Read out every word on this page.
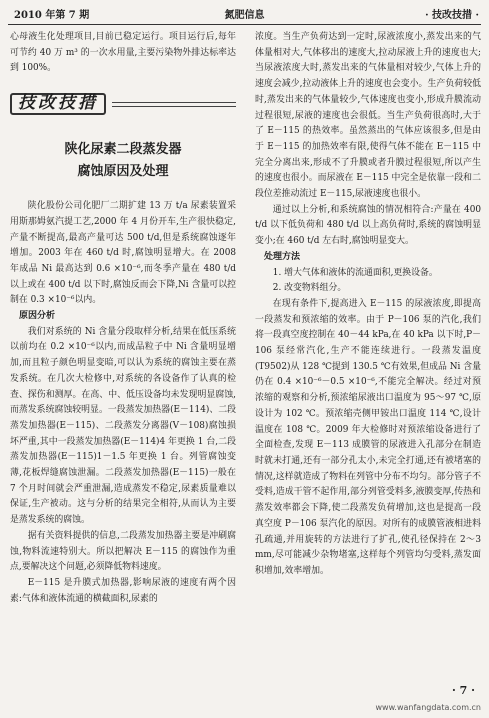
2010 年第 7 期	氮肥信息	· 技改技措 ·

心母液生化处理项目,目前已稳定运行。项目运行后,每年可节约 40 万 m³ 的一次水用量,主要污染物外排达标率达到 100%。

技改技措
陕化尿素二段蒸发器
腐蚀原因及处理

陕化股份公司化肥厂二期扩建 13 万 t/a 尿素装置采用斯那姆氨汽提工艺,2000 年 4 月份开车,生产很快稳定,产量不断提高,最高产量可达 500 t/d,但是系统腐蚀逐年增加。2003 年在 460 t/d 时,腐蚀明显增大。在 2008 年成品 Ni 最高达到 0.6 ×10⁻⁶,而冬季产量在 480 t/d 以上或在 400 t/d 以下时,腐蚀反而会下降,Ni 含量可以控制在 0.3 ×10⁻⁶以内。

原因分析

我们对系统的 Ni 含量分段取样分析,结果在低压系统以前均在 0.2 ×10⁻⁶以内,而成品粒子中 Ni 含量明显增加,而且粒子颜色明显变暗,可以认为系统的腐蚀主要在蒸发系统。在几次大检修中,对系统的各设备作了认真的检查、探伤和测厚。在高、中、低压设备均未发现明显腐蚀,而蒸发系统腐蚀较明显。一段蒸发加热器(E－114)、二段蒸发加热器(E－115)、二段蒸发分离器(V－108)腐蚀损坏严重,其中一段蒸发加热器(E－114)4 年更换 1 台,二段蒸发加热器(E－115)1－1.5 年更换 1 台。列管腐蚀变薄,花板焊缝腐蚀泄漏。二段蒸发加热器(E－115)一般在 7 个月时间就会严重泄漏,造成蒸发不稳定,尿素质量难以保证,生产被动。这与分析的结果完全相符,从而认为主要是蒸发系统的腐蚀。

据有关资料提供的信息,二段蒸发加热器主要是冲刷腐蚀,物料流速特别大。所以把解决 E－115 的腐蚀作为重点,要解决这个问题,必须降低物料速度。

E－115 是升膜式加热器,影响尿液的速度有两个因素:气体和液体流通的横截面积,尿素的

浓度。当生产负荷达到一定时,尿液浓度小,蒸发出来的气体量相对大,气体移出的速度大,拉动尿液上升的速度也大;当尿液浓度大时,蒸发出来的气体量相对较少,气体上升的速度会减少,拉动液体上升的速度也会变小。生产负荷较低时,蒸发出来的气体量较少,气体速度也变小,形成升膜流动过程很短,尿液的速度也会很低。当生产负荷很高时,大于了 E－115 的热效率。虽然蒸出的气体应该很多,但是由于 E－115 的加热效率有限,使得气体不能在 E－115 中完全分离出来,形成不了升膜或者升膜过程很短,所以产生的速度也很小。而尿液在 E－115 中完全是依靠一段和二段位差推动流过 E－115,尿液速度也很小。

通过以上分析,和系统腐蚀的情况相符合:产量在 400 t/d 以下低负荷和 480 t/d 以上高负荷时,系统的腐蚀明显变小;在 460 t/d 左右时,腐蚀明显变大。

处理方法

1. 增大气体和液体的流通面积,更换设备。

2. 改变物料组分。

在现有条件下,提高进入 E－115 的尿液浓度,即提高一段蒸发和预浓缩的效率。由于 P－106 泵的汽化,我们将一段真空度控制在 40－44 kPa,在 40 kPa 以下时,P－106 泵经常汽化,生产不能连续进行。一段蒸发温度(T9502)从 128 ℃提到 130.5 ℃有效果,但成品 Ni 含量仍在 0.4 ×10⁻⁶－0.5 ×10⁻⁶,不能完全解决。经过对预浓缩的观察和分析,预浓缩尿液出口温度为 95～97 ℃,原设计为 102 ℃。预浓缩壳侧甲铵出口温度 114 ℃,设计温度在 108 ℃。2009 年大检修时对预浓缩设备进行了全面检查,发现 E－113 成膜管的尿液进入孔部分在制造时就未打通,还有一部分孔太小,未完全打通,还有被堵塞的情况,这样就造成了物料在列管中分布不均匀。部分管子不受料,造成干管不起作用,部分列管受料多,液膜变厚,传热和蒸发效率都会下降,使二段蒸发负荷增加,这也是提高一段真空度 P－106 泵汽化的原因。对所有的成膜管液相进料孔疏通,并用旋转的方法进行了扩孔,使孔径保持在 2～3 mm,尽可能减少杂物堵塞,这样每个列管均匀受料,蒸发面积增加,效率增加。

· 7 ·
www.wanfangdata.com.cn
